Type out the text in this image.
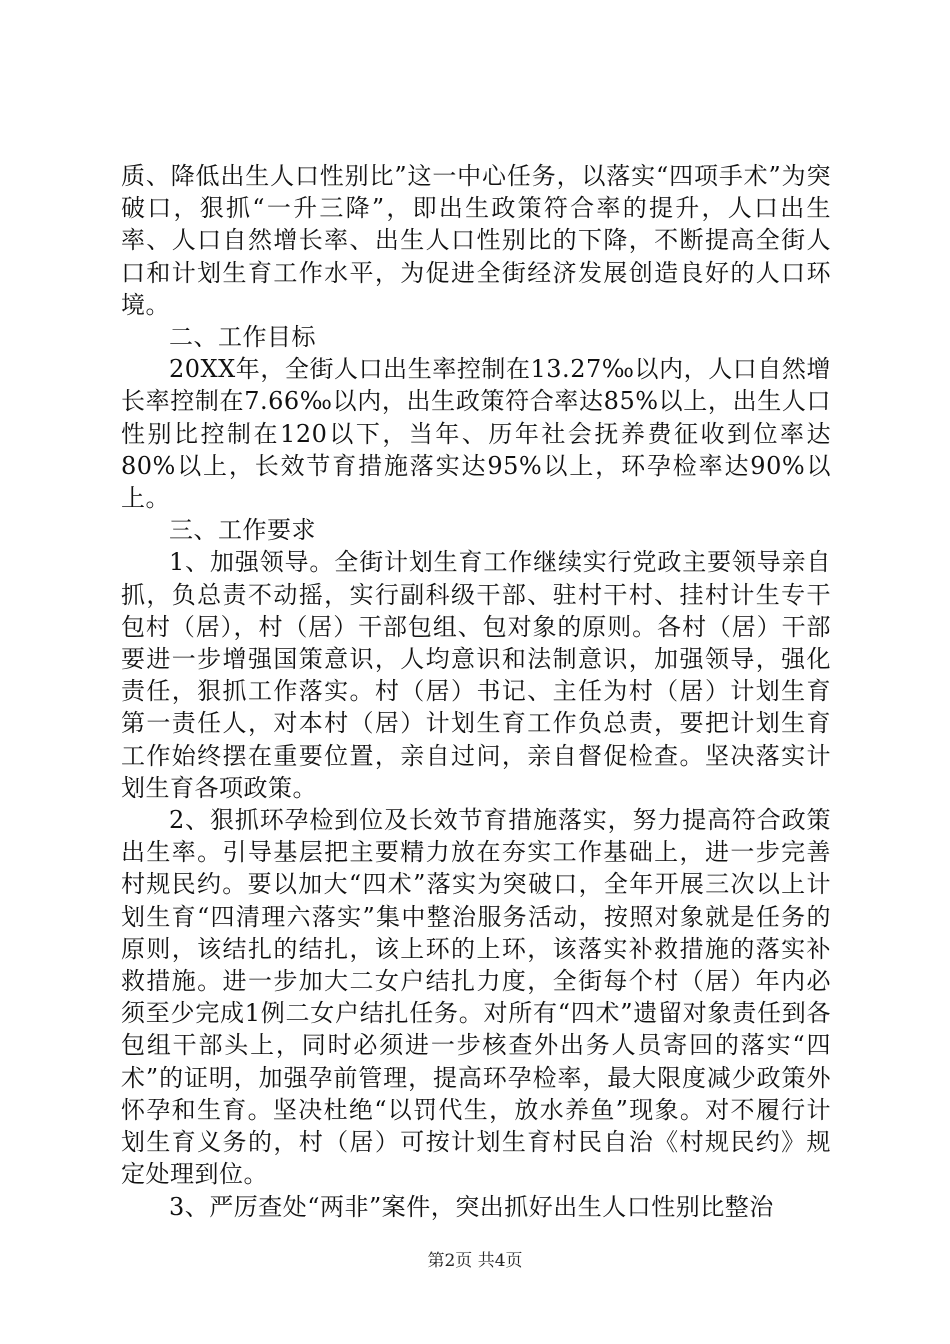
质、降低出生人口性别比”这一中心任务，以落实“四项手术”为突破口，狠抓“一升三降”，即出生政策符合率的提升，人口出生率、人口自然增长率、出生人口性别比的下降，不断提高全街人口和计划生育工作水平，为促进全街经济发展创造良好的人口环境。

二、工作目标

20XX年，全街人口出生率控制在13.27‰以内，人口自然增长率控制在7.66‰以内，出生政策符合率达85%以上，出生人口性别比控制在120以下，当年、历年社会抚养费征收到位率达80%以上，长效节育措施落实达95%以上，环孕检率达90%以上。

三、工作要求

1、加强领导。全街计划生育工作继续实行党政主要领导亲自抓，负总责不动摇，实行副科级干部、驻村干村、挂村计生专干包村（居），村（居）干部包组、包对象的原则。各村（居）干部要进一步增强国策意识，人均意识和法制意识，加强领导，强化责任，狠抓工作落实。村（居）书记、主任为村（居）计划生育第一责任人，对本村（居）计划生育工作负总责，要把计划生育工作始终摆在重要位置，亲自过问，亲自督促检查。坚决落实计划生育各项政策。

2、狠抓环孕检到位及长效节育措施落实，努力提高符合政策出生率。引导基层把主要精力放在夯实工作基础上，进一步完善村规民约。要以加大“四术”落实为突破口，全年开展三次以上计划生育“四清理六落实”集中整治服务活动，按照对象就是任务的原则，该结扎的结扎，该上环的上环，该落实补救措施的落实补救措施。进一步加大二女户结扎力度，全街每个村（居）年内必须至少完成1例二女户结扎任务。对所有“四术”遗留对象责任到各包组干部头上，同时必须进一步核查外出务人员寄回的落实“四术”的证明，加强孕前管理，提高环孕检率，最大限度减少政策外怀孕和生育。坚决杜绝“以罚代生，放水养鱼”现象。对不履行计划生育义务的，村（居）可按计划生育村民自治《村规民约》规定处理到位。

3、严厉查处“两非”案件，突出抓好出生人口性别比整治

第2页 共4页
